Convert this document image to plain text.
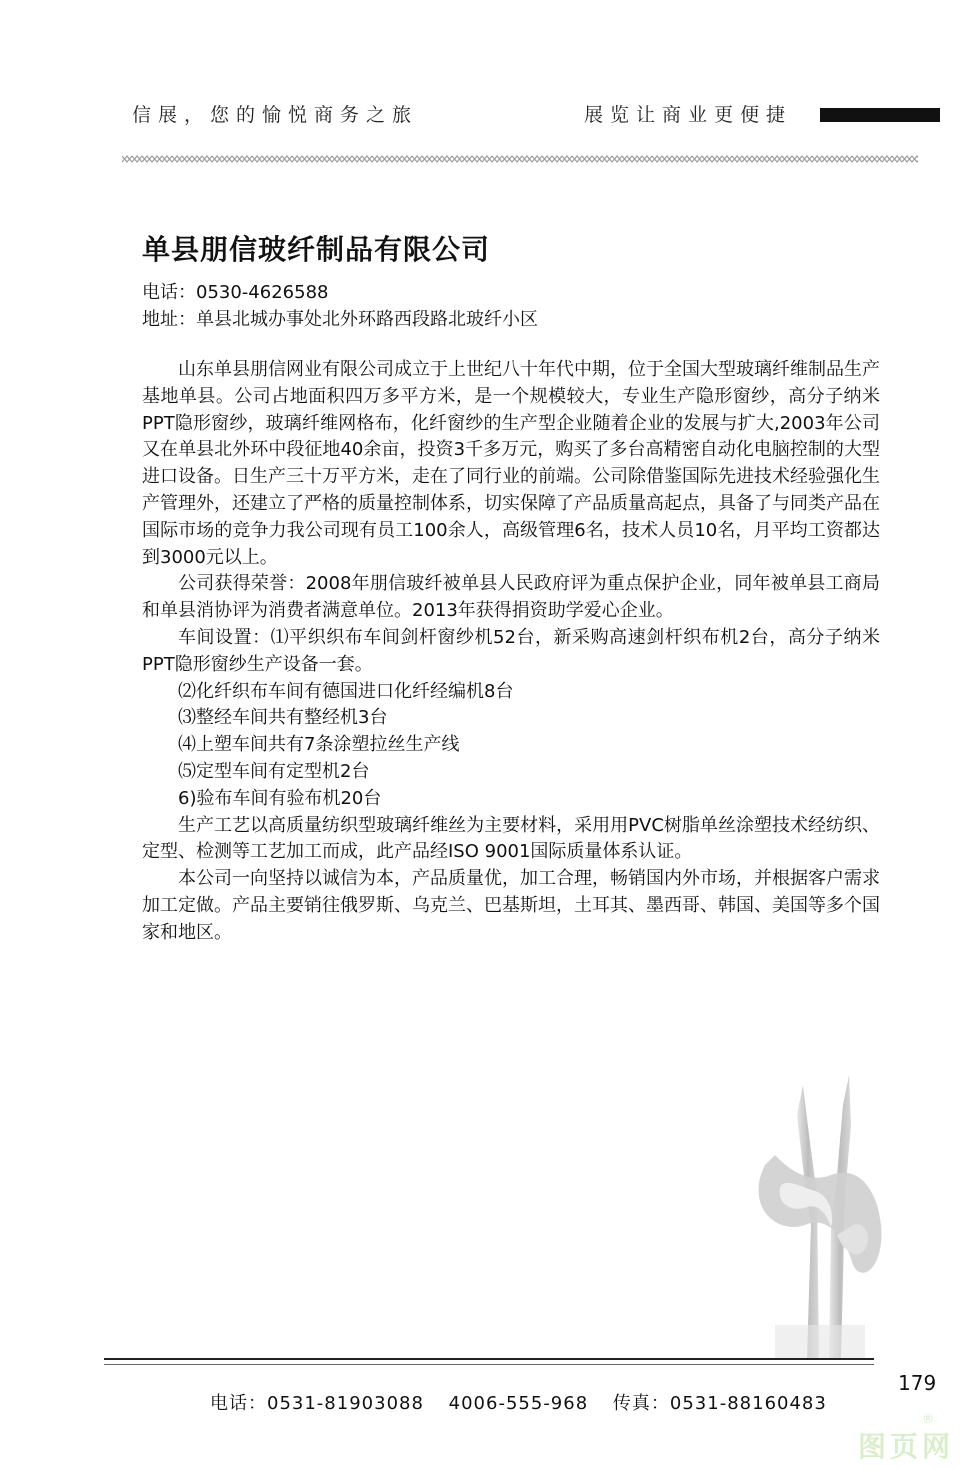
信展，您的愉悦商务之旅	展览让商业更便捷
单县朋信玻纤制品有限公司
电话：0530-4626588
地址：单县北城办事处北外环路西段路北玻纤小区

山东单县朋信网业有限公司成立于上世纪八十年代中期，位于全国大型玻璃纤维制品生产基地单县。公司占地面积四万多平方米，是一个规模较大，专业生产隐形窗纱，高分子纳米PPT隐形窗纱，玻璃纤维网格布，化纤窗纱的生产型企业随着企业的发展与扩大,2003年公司又在单县北外环中段征地40余亩，投资3千多万元，购买了多台高精密自动化电脑控制的大型进口设备。日生产三十万平方米，走在了同行业的前端。公司除借鉴国际先进技术经验强化生产管理外，还建立了严格的质量控制体系，切实保障了产品质量高起点，具备了与同类产品在国际市场的竞争力我公司现有员工100余人，高级管理6名，技术人员10名，月平均工资都达到3000元以上。

公司获得荣誉：2008年朋信玻纤被单县人民政府评为重点保护企业，同年被单县工商局和单县消协评为消费者满意单位。2013年获得捐资助学爱心企业。

车间设置：⑴平织织布车间剑杆窗纱机52台，新采购高速剑杆织布机2台，高分子纳米PPT隐形窗纱生产设备一套。

⑵化纤织布车间有德国进口化纤经编机8台

⑶整经车间共有整经机3台

⑷上塑车间共有7条涂塑拉丝生产线

⑸定型车间有定型机2台

6)验布车间有验布机20台

生产工艺以高质量纺织型玻璃纤维丝为主要材料，采用用PVC树脂单丝涂塑技术经纺织、定型、检测等工艺加工而成，此产品经ISO 9001国际质量体系认证。

本公司一向坚持以诚信为本，产品质量优，加工合理，畅销国内外市场，并根据客户需求加工定做。产品主要销往俄罗斯、乌克兰、巴基斯坦，土耳其、墨西哥、韩国、美国等多个国家和地区。

179
电话：0531-81903088 4006-555-968 传真：0531-88160483
图页网
®
